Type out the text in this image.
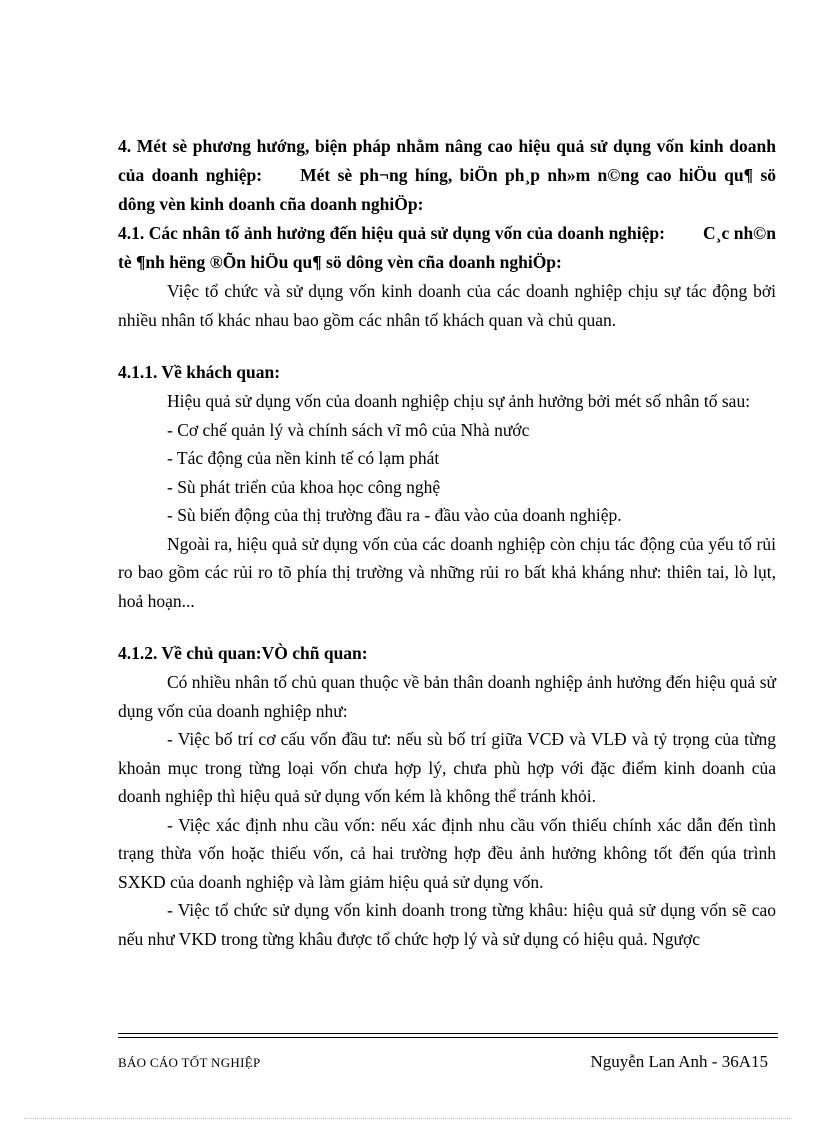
4. Mét sè phương hướng, biện pháp nhằm nâng cao hiệu quả sử dụng vốn kinh doanh của doanh nghiệp: Mét sè ph¬ng híng, biÖn ph¸p nh»m n©ng cao hiÖu qu¶ sö dông vèn kinh doanh cña doanh nghiÖp:
4.1. Các nhân tố ảnh hưởng đến hiệu quả sử dụng vốn của doanh nghiệp: C¸c nh©n tè ¶nh hëng ®Õn hiÖu qu¶ sö dông vèn cña doanh nghiÖp:

Việc tổ chức và sử dụng vốn kinh doanh của các doanh nghiệp chịu sự tác động bởi nhiều nhân tố khác nhau bao gồm các nhân tố khách quan và chủ quan.

4.1.1. Về khách quan:

Hiệu quả sử dụng vốn của doanh nghiệp chịu sự ảnh hưởng bởi mét số nhân tố sau:

- Cơ chế quản lý và chính sách vĩ mô của Nhà nước

- Tác động của nền kinh tế có lạm phát

- Sù phát triển của khoa học công nghệ

- Sù biến động của thị trường đầu ra - đầu vào của doanh nghiệp.

Ngoài ra, hiệu quả sử dụng vốn của các doanh nghiệp còn chịu tác động của yếu tố rủi ro bao gồm các rủi ro tõ phía thị trường và những rủi ro bất khả kháng như: thiên tai, lò lụt, hoả hoạn...

4.1.2. Về chủ quan:VÒ chñ quan:

Có nhiều nhân tố chủ quan thuộc về bản thân doanh nghiệp ảnh hưởng đến hiệu quả sử dụng vốn của doanh nghiệp như:

- Việc bố trí cơ cấu vốn đầu tư: nếu sù bố trí giữa VCĐ và VLĐ và tỷ trọng của từng khoản mục trong từng loại vốn chưa hợp lý, chưa phù hợp với đặc điểm kinh doanh của doanh nghiệp thì hiệu quả sử dụng vốn kém là không thể tránh khỏi.

- Việc xác định nhu cầu vốn: nếu xác định nhu cầu vốn thiếu chính xác dẫn đến tình trạng thừa vốn hoặc thiếu vốn, cả hai trường hợp đều ảnh hưởng không tốt đến qúa trình SXKD của doanh nghiệp và làm giảm hiệu quả sử dụng vốn.

- Việc tổ chức sử dụng vốn kinh doanh trong từng khâu: hiệu quả sử dụng vốn sẽ cao nếu như VKD trong từng khâu được tổ chức hợp lý và sử dụng có hiệu quả. Ngược

BÁO CÁO TỐT NGHIỆP	Nguyễn Lan Anh - 36A15
